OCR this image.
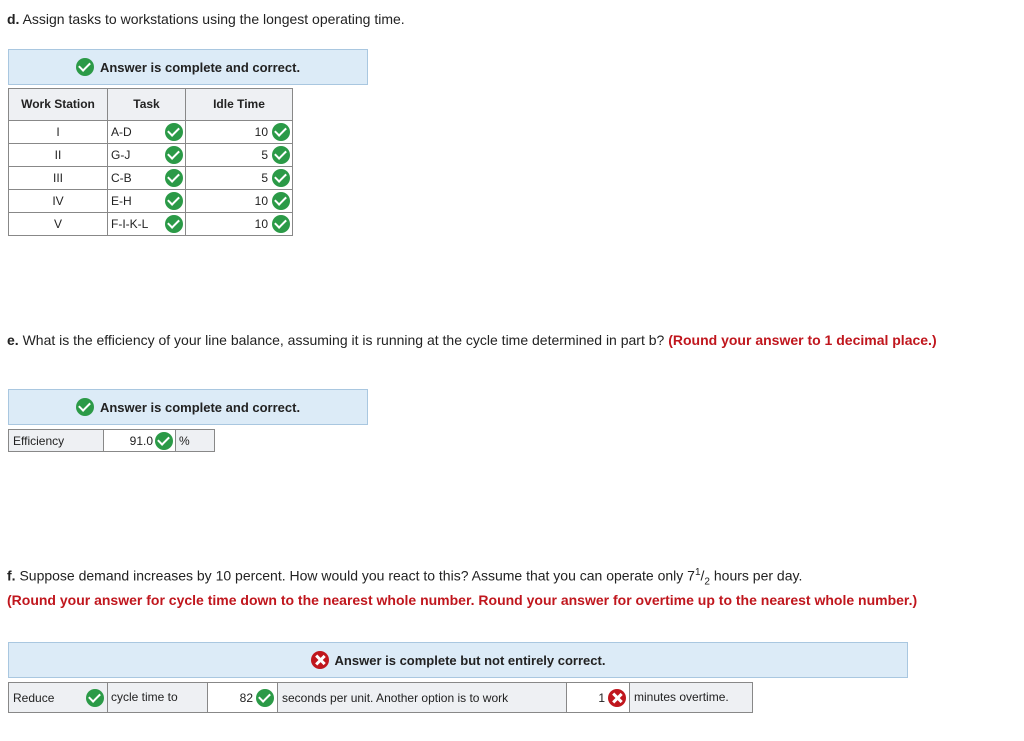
d. Assign tasks to workstations using the longest operating time.
Answer is complete and correct.
Work Station	Task	Idle Time
I	A-D	10

II	G-J	5

III	C-B	5

IV	E-H	10

V	F-I-K-L	10
e. What is the efficiency of your line balance, assuming it is running at the cycle time determined in part b? (Round your answer to 1 decimal place.)
Answer is complete and correct.
Efficiency	91.0	%
f. Suppose demand increases by 10 percent. How would you react to this? Assume that you can operate only $7^1/_2$ hours per day.
(Round your answer for cycle time down to the nearest whole number. Round your answer for overtime up to the nearest whole number.)
Answer is complete but not entirely correct.
Reduce	cycle time to	82	seconds per unit. Another option is to work	1	minutes overtime.
